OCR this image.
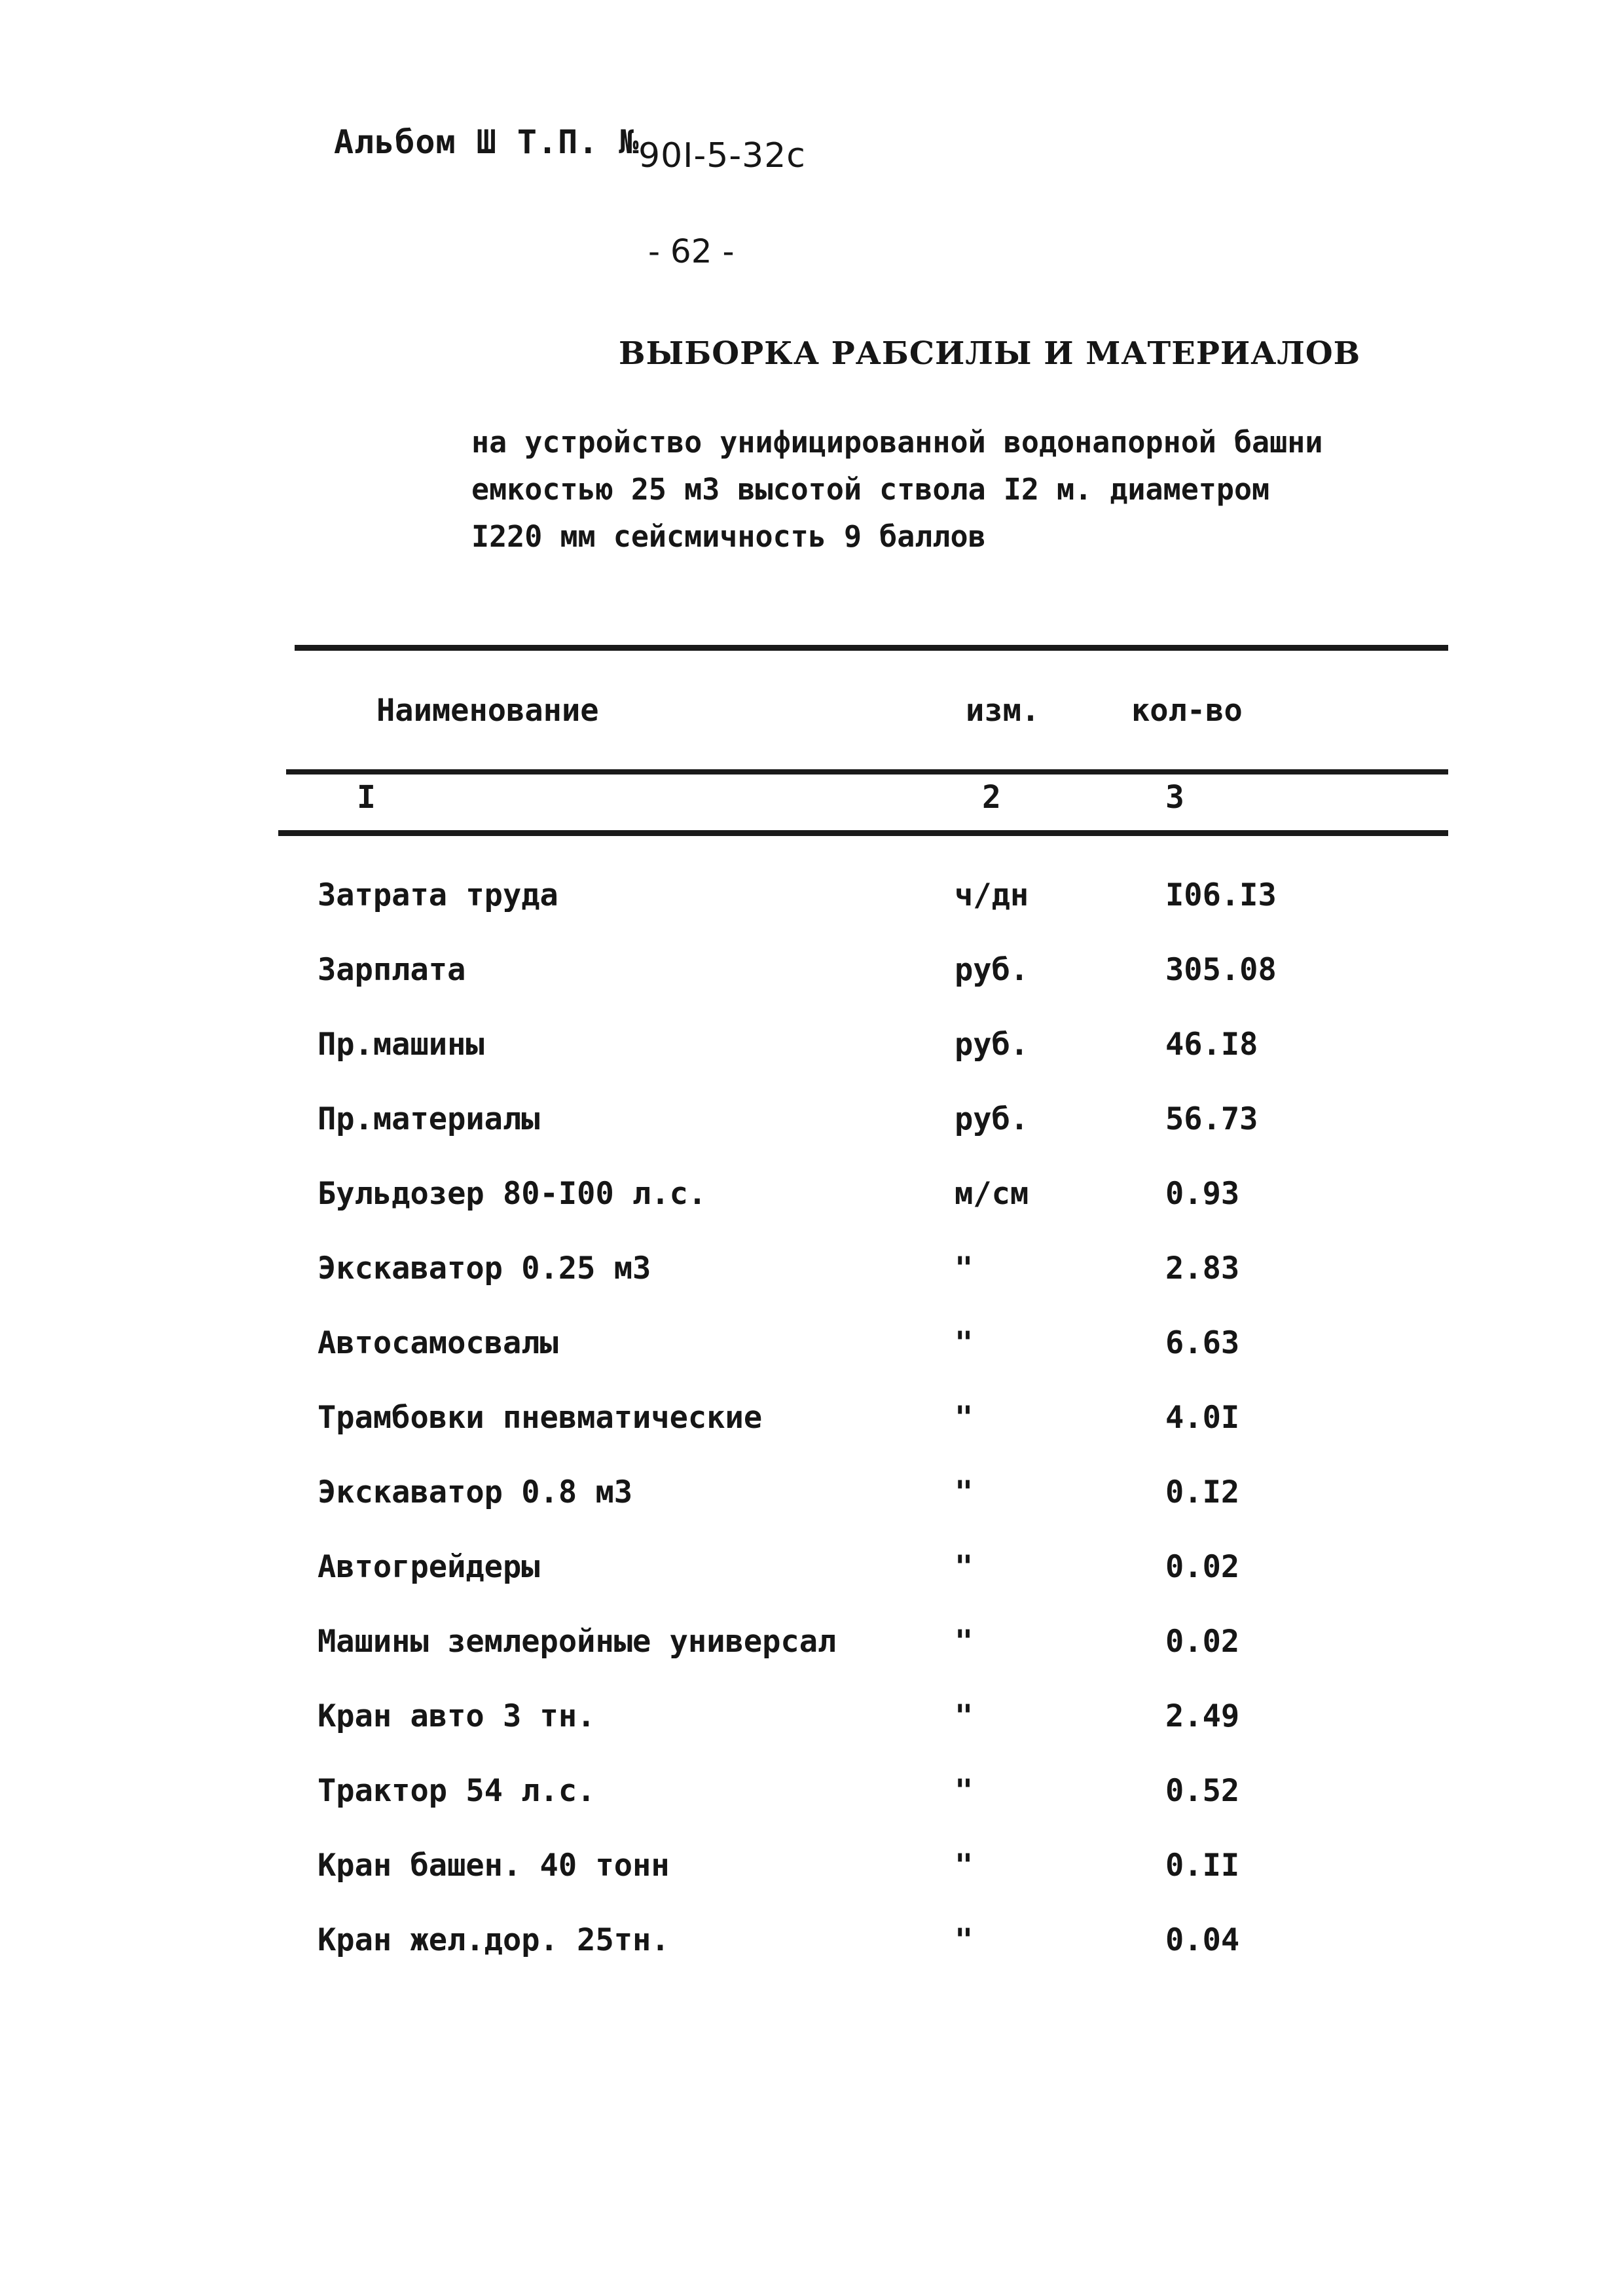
Альбом Ш Т.П. №
90I-5-32с
- 62 -
ВЫБОРКА РАБСИЛЫ И МАТЕРИАЛОВ
на устройство унифицированной водонапорной башни
емкостью 25 м3 высотой ствола I2 м. диаметром
I220 мм сейсмичность 9 баллов
Наименование	изм.	кол-во
I	2	3
Затрата труда	ч/дн	I06.I3
Зарплата	руб.	305.08
Пр.машины	руб.	46.I8
Пр.материалы	руб.	56.73
Бульдозер 80-I00 л.с.	м/см	0.93
Экскаватор 0.25 м3	"	2.83
Автосамосвалы	"	6.63
Трамбовки пневматические	"	4.0I
Экскаватор 0.8 м3	"	0.I2
Автогрейдеры	"	0.02
Машины землеройные универсал	"	0.02
Кран авто 3 тн.	"	2.49
Трактор 54 л.с.	"	0.52
Кран башен. 40 тонн	"	0.II
Кран жел.дор. 25тн.	"	0.04
